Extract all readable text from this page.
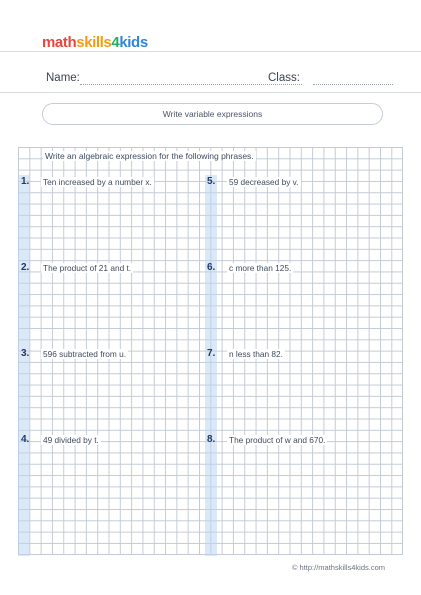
mathskills4kids
Name:	Class:
Write variable expressions
Write an algebraic expression for the following phrases.
1. Ten increased by a number x.
2. The product of 21 and t.
3. 596 subtracted from u.
4. 49 divided by t.
5. 59 decreased by v.
6. c more than 125.
7. n less than 82.
8. The product of w and 670.
© http://mathskills4kids.com
